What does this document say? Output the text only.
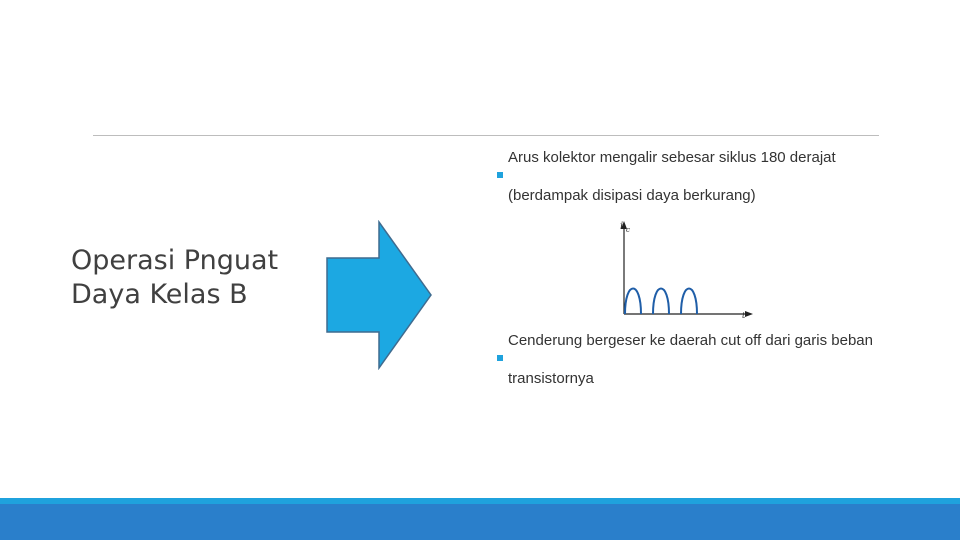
Operasi Pnguat Daya Kelas B
Arus kolektor mengalir sebesar siklus 180 derajat (berdampak disipasi daya berkurang)
i c
t
Cenderung bergeser ke daerah cut off dari garis beban transistornya
